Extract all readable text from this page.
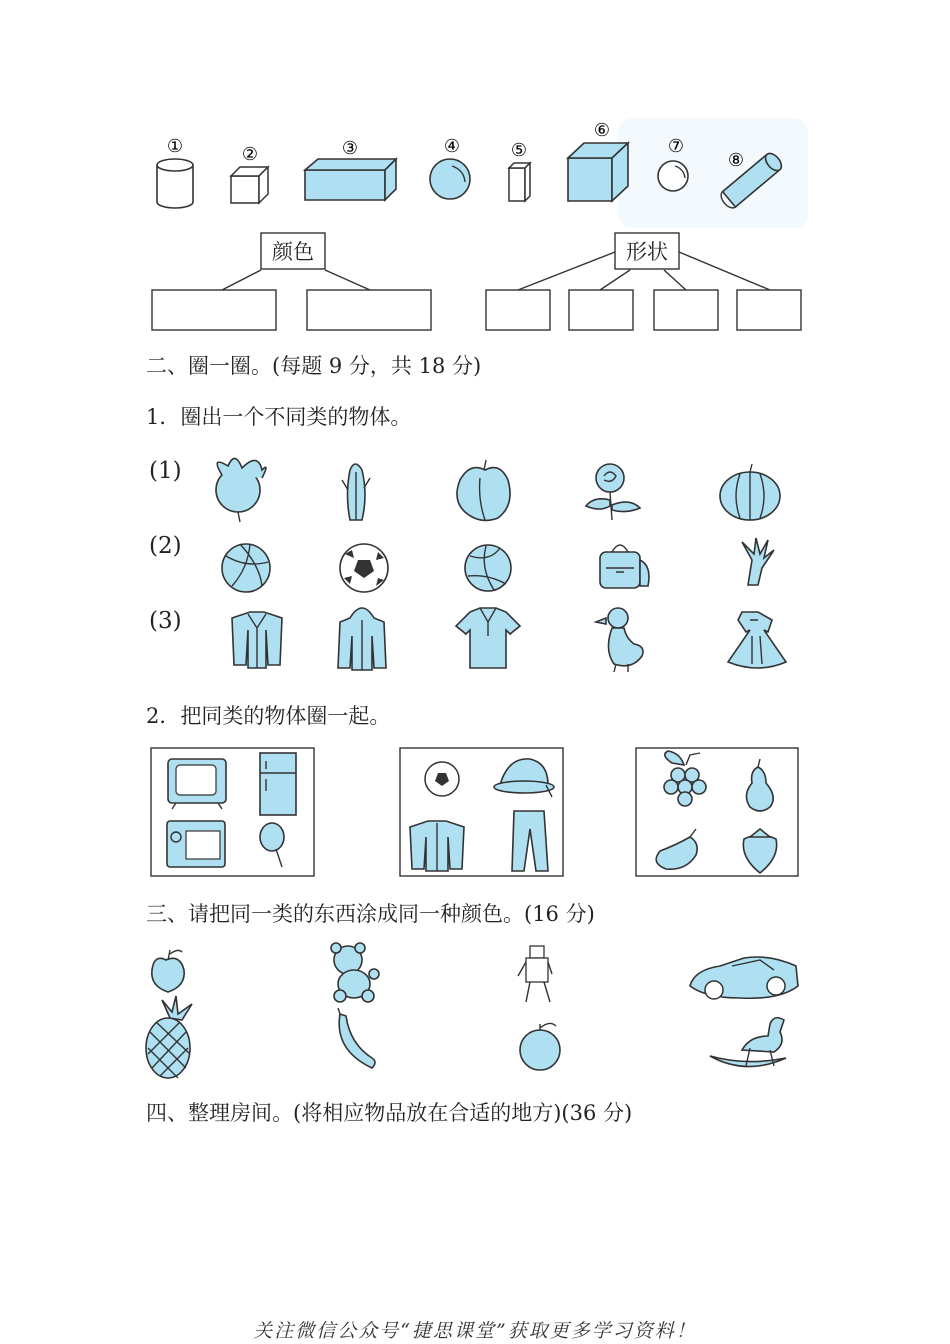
①	②	③	④	⑤
⑥
⑦
⑧
颜色	形状
二、圈一圈。(每题 9 分，共 18 分)
1．圈出一个不同类的物体。
(1)
(2)
(3)
2．把同类的物体圈一起。
三、请把同一类的东西涂成同一种颜色。(16 分)
四、整理房间。(将相应物品放在合适的地方)(36 分)
关注微信公众号“捷思课堂”获取更多学习资料！
